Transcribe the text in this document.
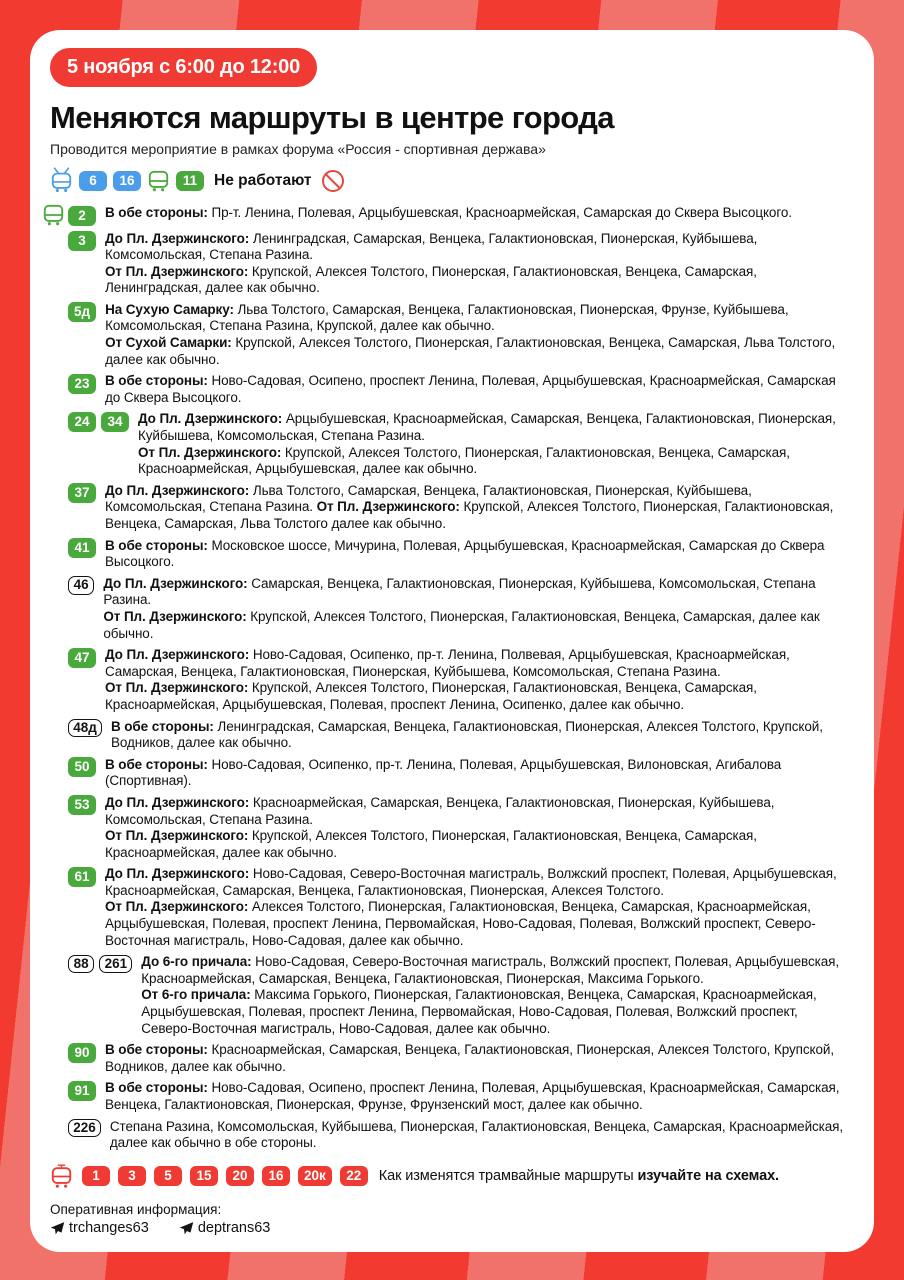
5 ноября с 6:00 до 12:00
Меняются маршруты в центре города
Проводится мероприятие в рамках форума «Россия - спортивная держава»
6	16	11	Не работают
2	В обе стороны: Пр-т. Ленина, Полевая, Арцыбушевская, Красноармейская, Самарская до Сквера Высоцкого.
3	До Пл. Дзержинского: Ленинградская, Самарская, Венцека, Галактионовская, Пионерская, Куйбышева, Комсомольская, Степана Разина.
От Пл. Дзержинского: Крупской, Алексея Толстого, Пионерская, Галактионовская, Венцека, Самарская, Ленинградская, далее как обычно.
5д	На Сухую Самарку: Льва Толстого, Самарская, Венцека, Галактионовская, Пионерская, Фрунзе, Куйбышева, Комсомольская, Степана Разина, Крупской, далее как обычно.
От Сухой Самарки: Крупской, Алексея Толстого, Пионерская, Галактионовская, Венцека, Самарская, Льва Толстого, далее как обычно.
23	В обе стороны: Ново-Садовая, Осипено, проспект Ленина, Полевая, Арцыбушевская, Красноармейская, Самарская до Сквера Высоцкого.
24	34	До Пл. Дзержинского: Арцыбушевская, Красноармейская, Самарская, Венцека, Галактионовская, Пионерская, Куйбышева, Комсомольская, Степана Разина.
От Пл. Дзержинского: Крупской, Алексея Толстого, Пионерская, Галактионовская, Венцека, Самарская, Красноармейская, Арцыбушевская, далее как обычно.
37	До Пл. Дзержинского: Льва Толстого, Самарская, Венцека, Галактионовская, Пионерская, Куйбышева, Комсомольская, Степана Разина. От Пл. Дзержинского: Крупской, Алексея Толстого, Пионерская, Галактионовская, Венцека, Самарская, Льва Толстого далее как обычно.
41	В обе стороны: Московское шоссе, Мичурина, Полевая, Арцыбушевская, Красноармейская, Самарская до Сквера Высоцкого.
46	До Пл. Дзержинского: Самарская, Венцека, Галактионовская, Пионерская, Куйбышева, Комсомольская, Степана Разина.
От Пл. Дзержинского: Крупской, Алексея Толстого, Пионерская, Галактионовская, Венцека, Самарская, далее как обычно.
47	До Пл. Дзержинского: Ново-Садовая, Осипенко, пр-т. Ленина, Полвевая, Арцыбушевская, Красноармейская, Самарская, Венцека, Галактионовская, Пионерская, Куйбышева, Комсомольская, Степана Разина.
От Пл. Дзержинского: Крупской, Алексея Толстого, Пионерская, Галактионовская, Венцека, Самарская, Красноармейская, Арцыбушевская, Полевая, проспект Ленина, Осипенко, далее как обычно.
48д	В обе стороны: Ленинградская, Самарская, Венцека, Галактионовская, Пионерская, Алексея Толстого, Крупской, Водников, далее как обычно.
50	В обе стороны: Ново-Садовая, Осипенко, пр-т. Ленина, Полевая, Арцыбушевская, Вилоновская, Агибалова (Спортивная).
53	До Пл. Дзержинского: Красноармейская, Самарская, Венцека, Галактионовская, Пионерская, Куйбышева, Комсомольская, Степана Разина.
От Пл. Дзержинского: Крупской, Алексея Толстого, Пионерская, Галактионовская, Венцека, Самарская, Красноармейская, далее как обычно.
61	До Пл. Дзержинского: Ново-Садовая, Северо-Восточная магистраль, Волжский проспект, Полевая, Арцыбушевская, Красноармейская, Самарская, Венцека, Галактионовская, Пионерская, Алексея Толстого.
От Пл. Дзержинского: Алексея Толстого, Пионерская, Галактионовская, Венцека, Самарская, Красноармейская, Арцыбушевская, Полевая, проспект Ленина, Первомайская, Ново-Садовая, Полевая, Волжский проспект, Северо-Восточная магистраль, Ново-Садовая, далее как обычно.
88	261	До 6-го причала: Ново-Садовая, Северо-Восточная магистраль, Волжский проспект, Полевая, Арцыбушевская, Красноармейская, Самарская, Венцека, Галактионовская, Пионерская, Максима Горького.
От 6-го причала: Максима Горького, Пионерская, Галактионовская, Венцека, Самарская, Красноармейская, Арцыбушевская, Полевая, проспект Ленина, Первомайская, Ново-Садовая, Полевая, Волжский проспект, Северо-Восточная магистраль, Ново-Садовая, далее как обычно.
90	В обе стороны: Красноармейская, Самарская, Венцека, Галактионовская, Пионерская, Алексея Толстого, Крупской, Водников, далее как обычно.
91	В обе стороны: Ново-Садовая, Осипено, проспект Ленина, Полевая, Арцыбушевская, Красноармейская, Самарская, Венцека, Галактионовская, Пионерская, Фрунзе, Фрунзенский мост, далее как обычно.
226	Степана Разина, Комсомольская, Куйбышева, Пионерская, Галактионовская, Венцека, Самарская, Красноармейская, далее как обычно в обе стороны.
1	3	5	15	20	16	20к	22	Как изменятся трамвайные маршруты изучайте на схемах.
Оперативная информация:
trchanges63	deptrans63
